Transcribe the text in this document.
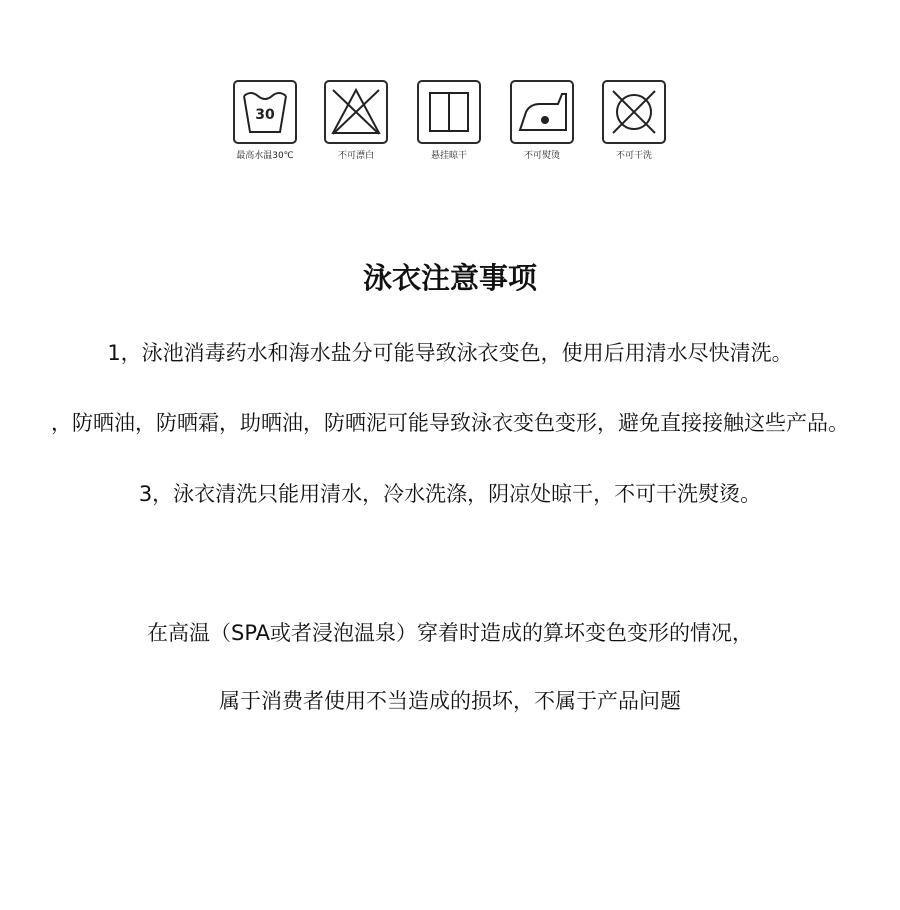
30
最高水温30℃	不可漂白	悬挂晾干	不可熨烫	不可干洗
泳衣注意事项
1，泳池消毒药水和海水盐分可能导致泳衣变色，使用后用清水尽快清洗。
，防晒油，防晒霜，助晒油，防晒泥可能导致泳衣变色变形，避免直接接触这些产品。
3，泳衣清洗只能用清水，冷水洗涤，阴凉处晾干，不可干洗熨烫。
在高温（SPA或者浸泡温泉）穿着时造成的算坏变色变形的情况，
属于消费者使用不当造成的损坏，不属于产品问题
